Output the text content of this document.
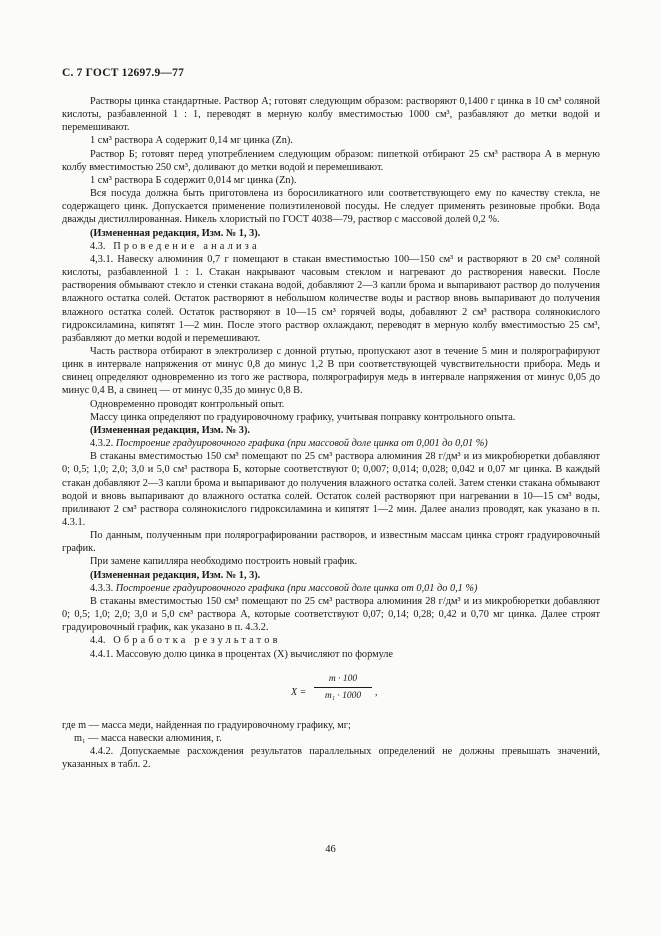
С. 7 ГОСТ 12697.9—77

Растворы цинка стандартные. Раствор А; готовят следующим образом: растворяют 0,1400 г цинка в 10 см³ соляной кислоты, разбавленной 1 : 1, переводят в мерную колбу вместимостью 1000 см³, разбавляют до метки водой и перемешивают.

1 см³ раствора А содержит 0,14 мг цинка (Zn).

Раствор Б; готовят перед употреблением следующим образом: пипеткой отбирают 25 см³ раствора А в мерную колбу вместимостью 250 см³, доливают до метки водой и перемешивают.

1 см³ раствора Б содержит 0,014 мг цинка (Zn).

Вся посуда должна быть приготовлена из боросиликатного или соответствующего ему по качеству стекла, не содержащего цинк. Допускается применение полиэтиленовой посуды. Не следует применять резиновые пробки. Вода дважды дистиллированная. Никель хлористый по ГОСТ 4038—79, раствор с массовой долей 0,2 %.

(Измененная редакция, Изм. № 1, 3).

4.3. Проведение анализа

4,3.1. Навеску алюминия 0,7 г помещают в стакан вместимостью 100—150 см³ и растворяют в 20 см³ соляной кислоты, разбавленной 1 : 1. Стакан накрывают часовым стеклом и нагревают до растворения навески. После растворения обмывают стекло и стенки стакана водой, добавляют 2—3 капли брома и выпаривают раствор до получения влажного остатка солей. Остаток растворяют в небольшом количестве воды и раствор вновь выпаривают до получения влажного остатка солей. Остаток растворяют в 10—15 см³ горячей воды, добавляют 2 см³ раствора солянокислого гидроксиламина, кипятят 1—2 мин. После этого раствор охлаждают, переводят в мерную колбу вместимостью 25 см³, разбавляют до метки водой и перемешивают.

Часть раствора отбирают в электролизер с донной ртутью, пропускают азот в течение 5 мин и полярографируют цинк в интервале напряжения от минус 0,8 до минус 1,2 В при соответствующей чувствительности прибора. Медь и свинец определяют одновременно из того же раствора, полярографируя медь в интервале напряжения от минус 0,05 до минус 0,4 В, а свинец — от минус 0,35 до минус 0,8 В.

Одновременно проводят контрольный опыт.

Массу цинка определяют по градуировочному графику, учитывая поправку контрольного опыта.

(Измененная редакция, Изм. № 3).

4.3.2. Построение градуировочного графика (при массовой доле цинка от 0,001 до 0,01 %)

В стаканы вместимостью 150 см³ помещают по 25 см³ раствора алюминия 28 г/дм³ и из микробюретки добавляют 0; 0,5; 1,0; 2,0; 3,0 и 5,0 см³ раствора Б, которые соответствуют 0; 0,007; 0,014; 0,028; 0,042 и 0,07 мг цинка. В каждый стакан добавляют 2—3 капли брома и выпаривают до получения влажного остатка солей. Затем стенки стакана обмывают водой и вновь выпаривают до влажного остатка солей. Остаток солей растворяют при нагревании в 10—15 см³ воды, приливают 2 см³ раствора солянокислого гидроксиламина и кипятят 1—2 мин. Далее анализ проводят, как указано в п. 4.3.1.

По данным, полученным при полярографировании растворов, и известным массам цинка строят градуировочный график.

При замене капилляра необходимо построить новый график.

(Измененная редакция, Изм. № 1, 3).

4.3.3. Построение градуировочного графика (при массовой доле цинка от 0,01 до 0,1 %)

В стаканы вместимостью 150 см³ помещают по 25 см³ раствора алюминия 28 г/дм³ и из микробюретки добавляют 0; 0,5; 1,0; 2,0; 3,0 и 5,0 см³ раствора А, которые соответствуют 0,07; 0,14; 0,28; 0,42 и 0,70 мг цинка. Далее строят градуировочный график, как указано в п. 4.3.2.

4.4. Обработка результатов

4.4.1. Массовую долю цинка в процентах (X) вычисляют по формуле

X =
m · 100
m₁ · 1000	,

где m — масса меди, найденная по градуировочному графику, мг;

m₁ — масса навески алюминия, г.

4.4.2. Допускаемые расхождения результатов параллельных определений не должны превышать значений, указанных в табл. 2.

46
